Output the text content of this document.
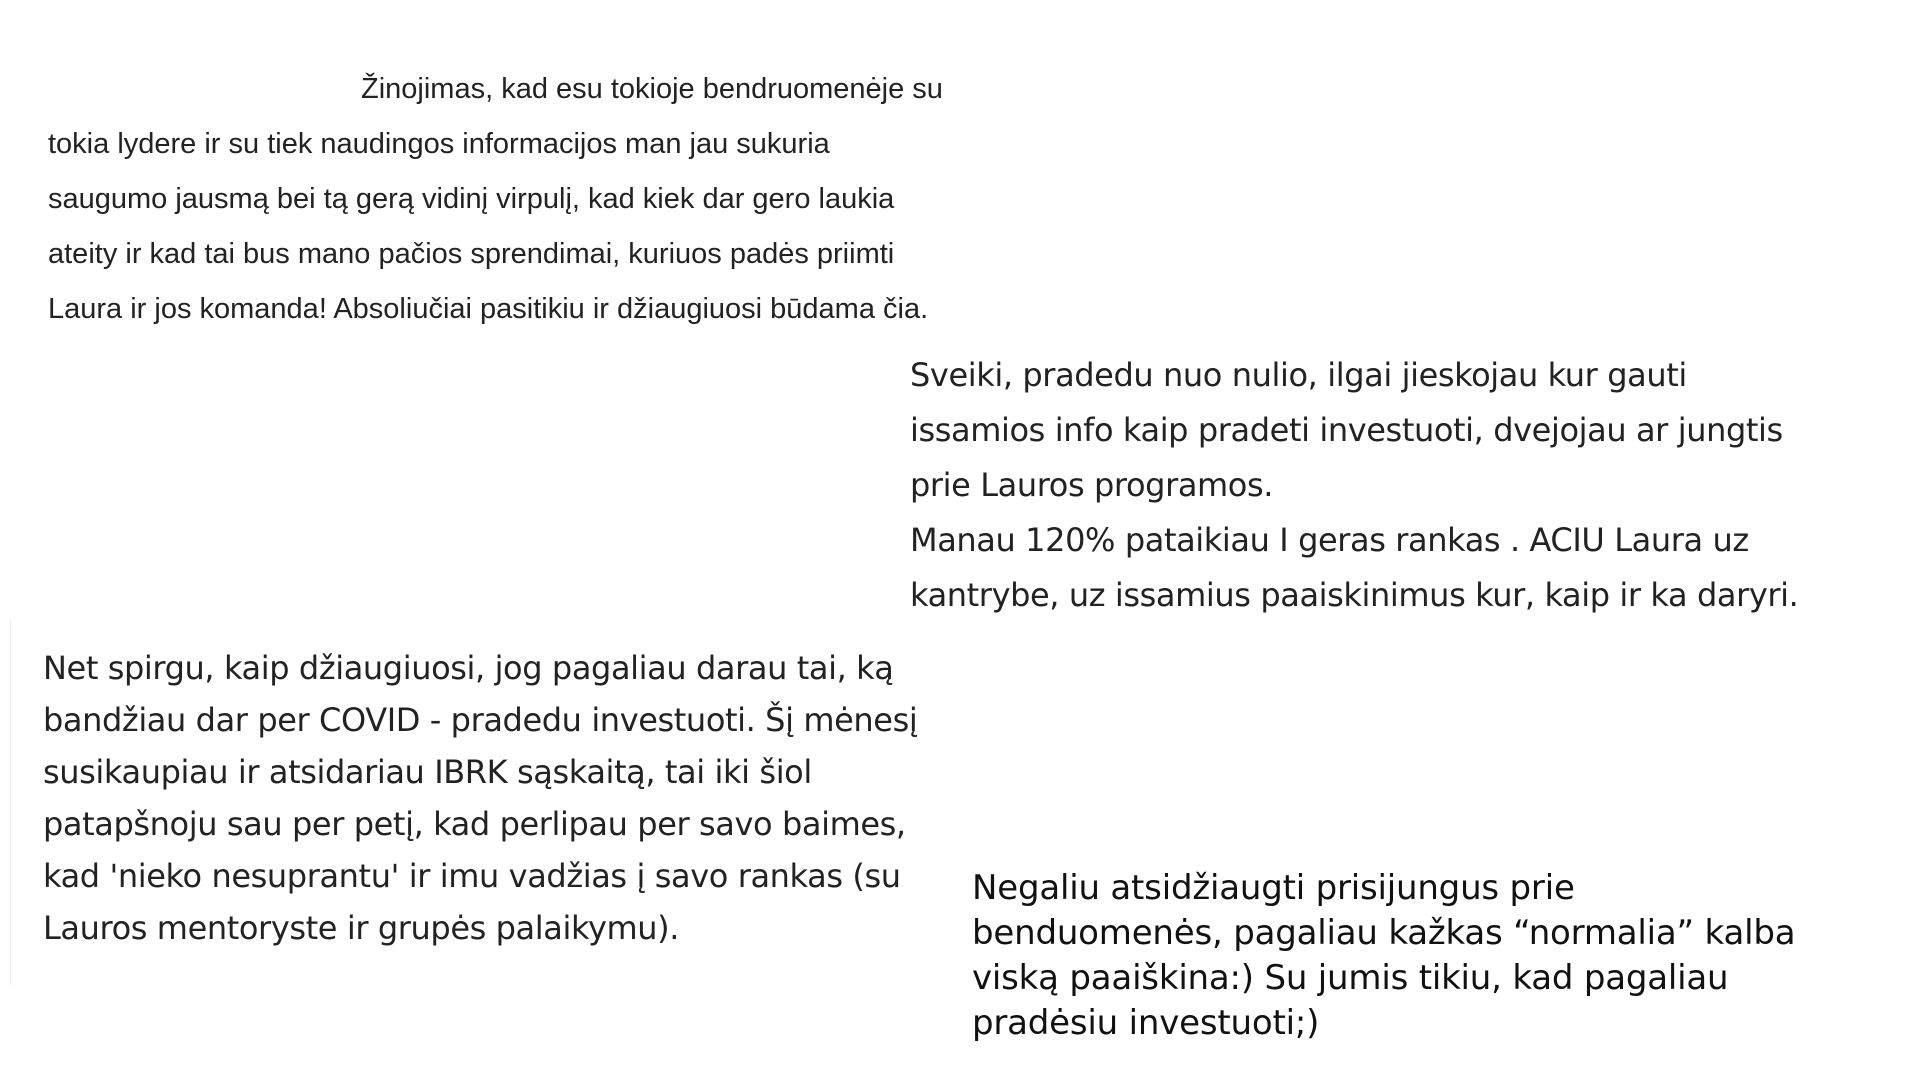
Žinojimas, kad esu tokioje bendruomenėje su
tokia lydere ir su tiek naudingos informacijos man jau sukuria
saugumo jausmą bei tą gerą vidinį virpulį, kad kiek dar gero laukia
ateity ir kad tai bus mano pačios sprendimai, kuriuos padės priimti
Laura ir jos komanda! Absoliučiai pasitikiu ir džiaugiuosi būdama čia.
Sveiki, pradedu nuo nulio, ilgai jieskojau kur gauti
issamios info kaip pradeti investuoti, dvejojau ar jungtis
prie Lauros programos.
Manau 120% pataikiau I geras rankas . ACIU Laura uz
kantrybe, uz issamius paaiskinimus kur, kaip ir ka daryri.
Net spirgu, kaip džiaugiuosi, jog pagaliau darau tai, ką
bandžiau dar per COVID - pradedu investuoti. Šį mėnesį
susikaupiau ir atsidariau IBRK sąskaitą, tai iki šiol
patapšnoju sau per petį, kad perlipau per savo baimes,
kad 'nieko nesuprantu' ir imu vadžias į savo rankas (su
Lauros mentoryste ir grupės palaikymu).
Negaliu atsidžiaugti prisijungus prie
benduomenės, pagaliau kažkas “normalia” kalba
viską paaiškina:) Su jumis tikiu, kad pagaliau
pradėsiu investuoti;)
